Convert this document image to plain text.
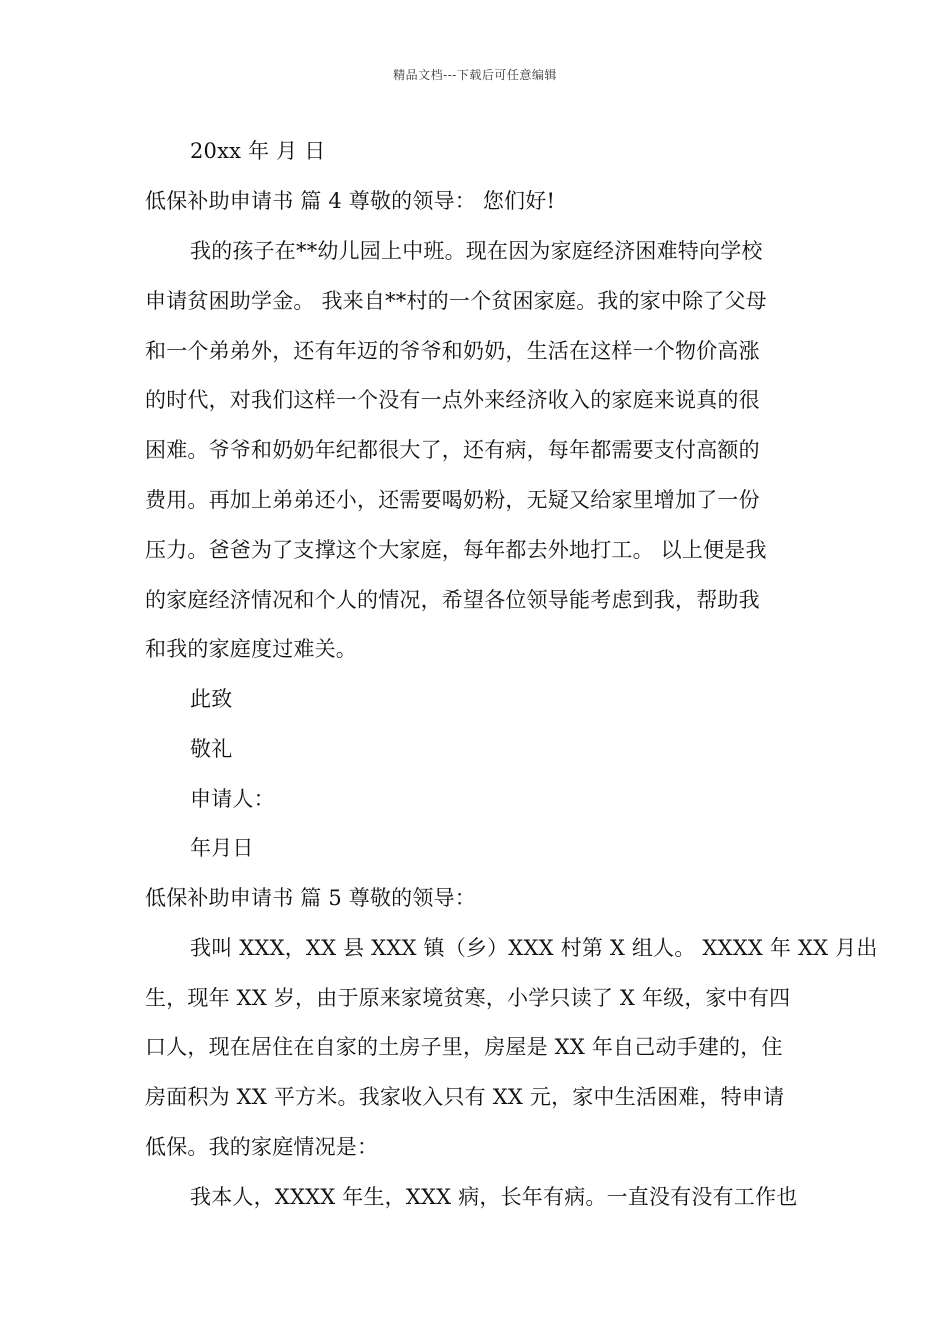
精品文档---下载后可任意编辑
20xx 年 月 日
低保补助申请书 篇 4 尊敬的领导： 您们好!
我的孩子在**幼儿园上中班。现在因为家庭经济困难特向学校
申请贫困助学金。 我来自**村的一个贫困家庭。我的家中除了父母
和一个弟弟外，还有年迈的爷爷和奶奶，生活在这样一个物价高涨
的时代，对我们这样一个没有一点外来经济收入的家庭来说真的很
困难。爷爷和奶奶年纪都很大了，还有病，每年都需要支付高额的
费用。再加上弟弟还小，还需要喝奶粉，无疑又给家里增加了一份
压力。爸爸为了支撑这个大家庭，每年都去外地打工。 以上便是我
的家庭经济情况和个人的情况，希望各位领导能考虑到我，帮助我
和我的家庭度过难关。
此致
敬礼
申请人：
年月日
低保补助申请书 篇 5 尊敬的领导：
我叫 XXX，XX 县 XXX 镇（乡）XXX 村第 X 组人。 XXXX 年 XX 月出
生，现年 XX 岁，由于原来家境贫寒，小学只读了 X 年级，家中有四
口人，现在居住在自家的土房子里，房屋是 XX 年自己动手建的，住
房面积为 XX 平方米。我家收入只有 XX 元，家中生活困难，特申请
低保。我的家庭情况是：
我本人，XXXX 年生，XXX 病，长年有病。一直没有没有工作也
